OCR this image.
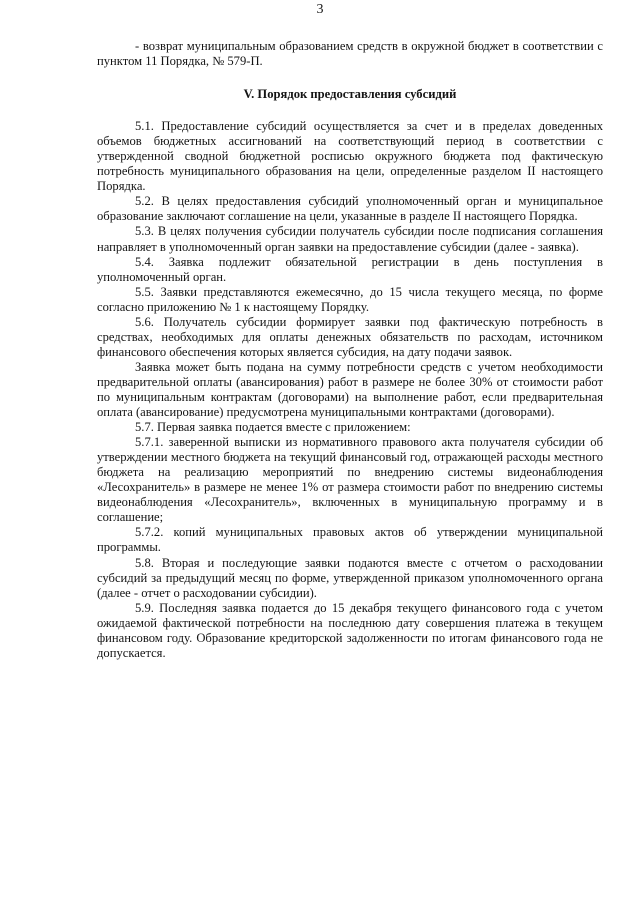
3

- возврат муниципальным образованием средств в окружной бюджет в соответствии с пунктом 11 Порядка, № 579-П.

V. Порядок предоставления субсидий

5.1. Предоставление субсидий осуществляется за счет и в пределах доведенных объемов бюджетных ассигнований на соответствующий период в соответствии с утвержденной сводной бюджетной росписью окружного бюджета под фактическую потребность муниципального образования на цели, определенные разделом II настоящего Порядка.

5.2. В целях предоставления субсидий уполномоченный орган и муниципальное образование заключают соглашение на цели, указанные в разделе II настоящего Порядка.

5.3. В целях получения субсидии получатель субсидии после подписания соглашения направляет в уполномоченный орган заявки на предоставление субсидии (далее - заявка).

5.4. Заявка подлежит обязательной регистрации в день поступления в уполномоченный орган.

5.5. Заявки представляются ежемесячно, до 15 числа текущего месяца, по форме согласно приложению № 1 к настоящему Порядку.

5.6. Получатель субсидии формирует заявки под фактическую потребность в средствах, необходимых для оплаты денежных обязательств по расходам, источником финансового обеспечения которых является субсидия, на дату подачи заявок.

Заявка может быть подана на сумму потребности средств с учетом необходимости предварительной оплаты (авансирования) работ в размере не более 30% от стоимости работ по муниципальным контрактам (договорами) на выполнение работ, если предварительная оплата (авансирование) предусмотрена муниципальными контрактами (договорами).

5.7. Первая заявка подается вместе с приложением:

5.7.1. заверенной выписки из нормативного правового акта получателя субсидии об утверждении местного бюджета на текущий финансовый год, отражающей расходы местного бюджета на реализацию мероприятий по внедрению системы видеонаблюдения «Лесохранитель» в размере не менее 1% от размера стоимости работ по внедрению системы видеонаблюдения «Лесохранитель», включенных в муниципальную программу и в соглашение;

5.7.2. копий муниципальных правовых актов об утверждении муниципальной программы.

5.8. Вторая и последующие заявки подаются вместе с отчетом о расходовании субсидий за предыдущий месяц по форме, утвержденной приказом уполномоченного органа (далее - отчет о расходовании субсидии).

5.9. Последняя заявка подается до 15 декабря текущего финансового года с учетом ожидаемой фактической потребности на последнюю дату совершения платежа в текущем финансовом году. Образование кредиторской задолженности по итогам финансового года не допускается.
